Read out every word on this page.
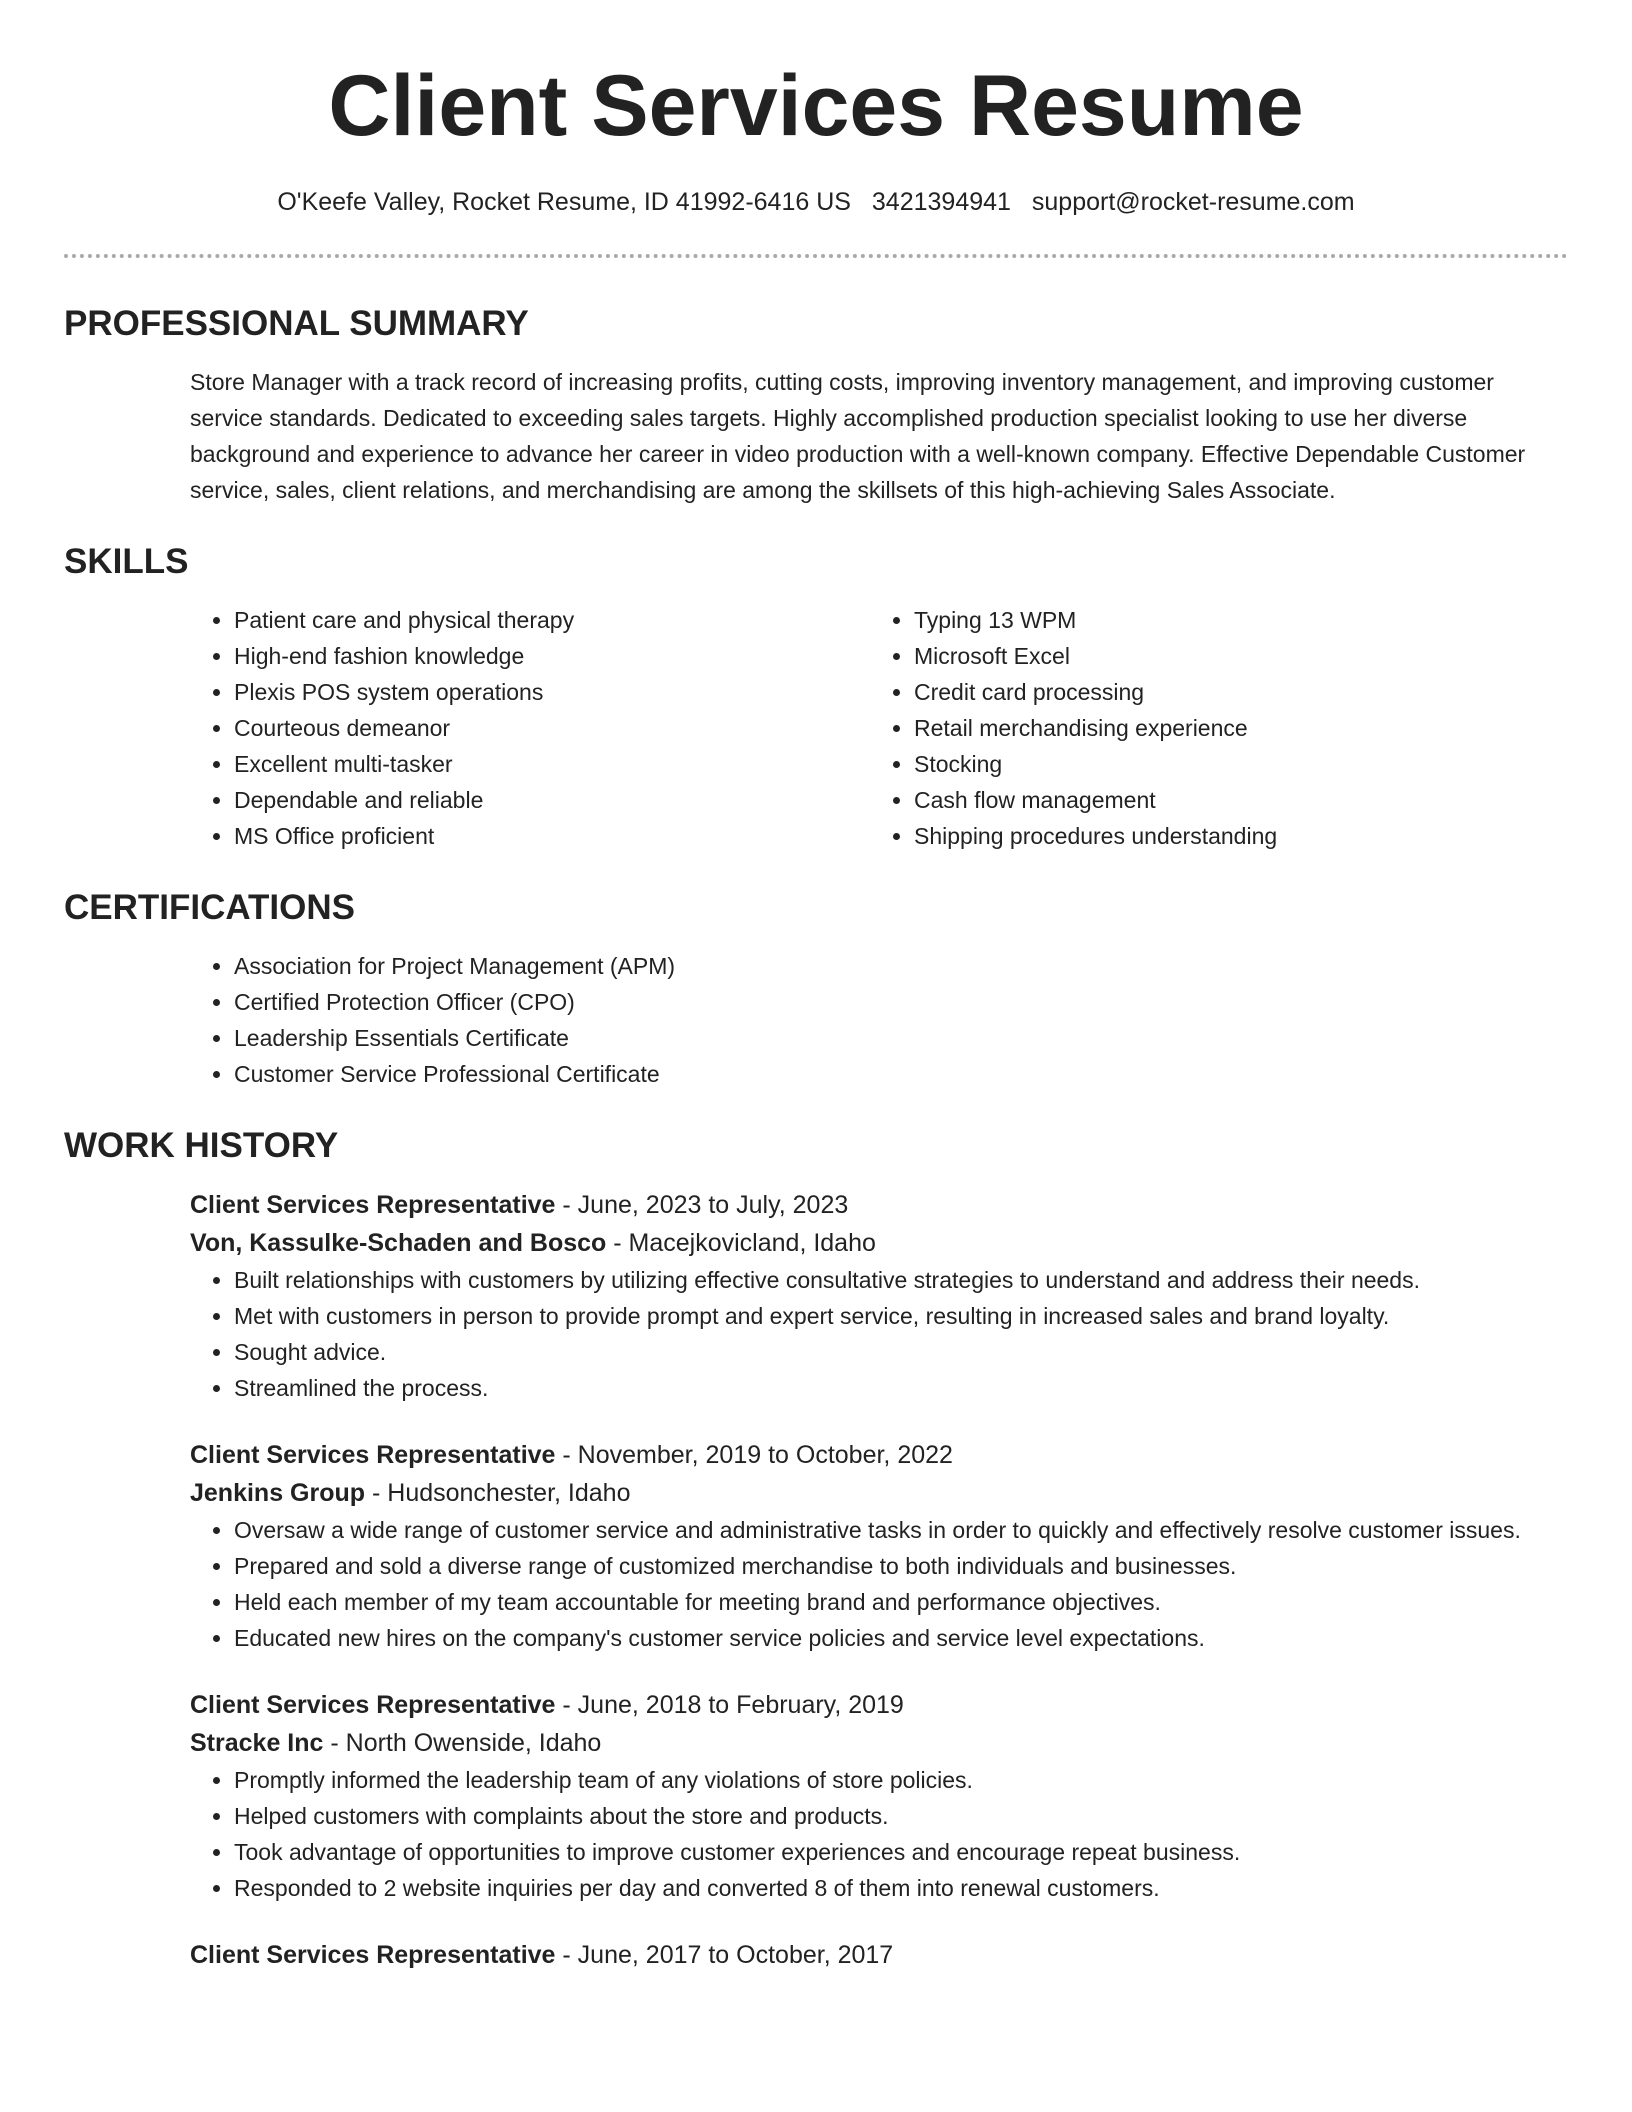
Client Services Resume
O'Keefe Valley, Rocket Resume, ID 41992-6416 US 3421394941 support@rocket-resume.com
PROFESSIONAL SUMMARY

Store Manager with a track record of increasing profits, cutting costs, improving inventory management, and improving customer service standards. Dedicated to exceeding sales targets. Highly accomplished production specialist looking to use her diverse background and experience to advance her career in video production with a well-known company. Effective Dependable Customer service, sales, client relations, and merchandising are among the skillsets of this high-achieving Sales Associate.

SKILLS
• Patient care and physical therapy
• High-end fashion knowledge
• Plexis POS system operations
• Courteous demeanor
• Excellent multi-tasker
• Dependable and reliable
• MS Office proficient
• Typing 13 WPM
• Microsoft Excel
• Credit card processing
• Retail merchandising experience
• Stocking
• Cash flow management
• Shipping procedures understanding
CERTIFICATIONS
• Association for Project Management (APM)
• Certified Protection Officer (CPO)
• Leadership Essentials Certificate
• Customer Service Professional Certificate
WORK HISTORY
Client Services Representative - June, 2023 to July, 2023
Von, Kassulke-Schaden and Bosco - Macejkovicland, Idaho
• Built relationships with customers by utilizing effective consultative strategies to understand and address their needs.
• Met with customers in person to provide prompt and expert service, resulting in increased sales and brand loyalty.
• Sought advice.
• Streamlined the process.
Client Services Representative - November, 2019 to October, 2022
Jenkins Group - Hudsonchester, Idaho
• Oversaw a wide range of customer service and administrative tasks in order to quickly and effectively resolve customer issues.
• Prepared and sold a diverse range of customized merchandise to both individuals and businesses.
• Held each member of my team accountable for meeting brand and performance objectives.
• Educated new hires on the company's customer service policies and service level expectations.
Client Services Representative - June, 2018 to February, 2019
Stracke Inc - North Owenside, Idaho
• Promptly informed the leadership team of any violations of store policies.
• Helped customers with complaints about the store and products.
• Took advantage of opportunities to improve customer experiences and encourage repeat business.
• Responded to 2 website inquiries per day and converted 8 of them into renewal customers.
Client Services Representative - June, 2017 to October, 2017
